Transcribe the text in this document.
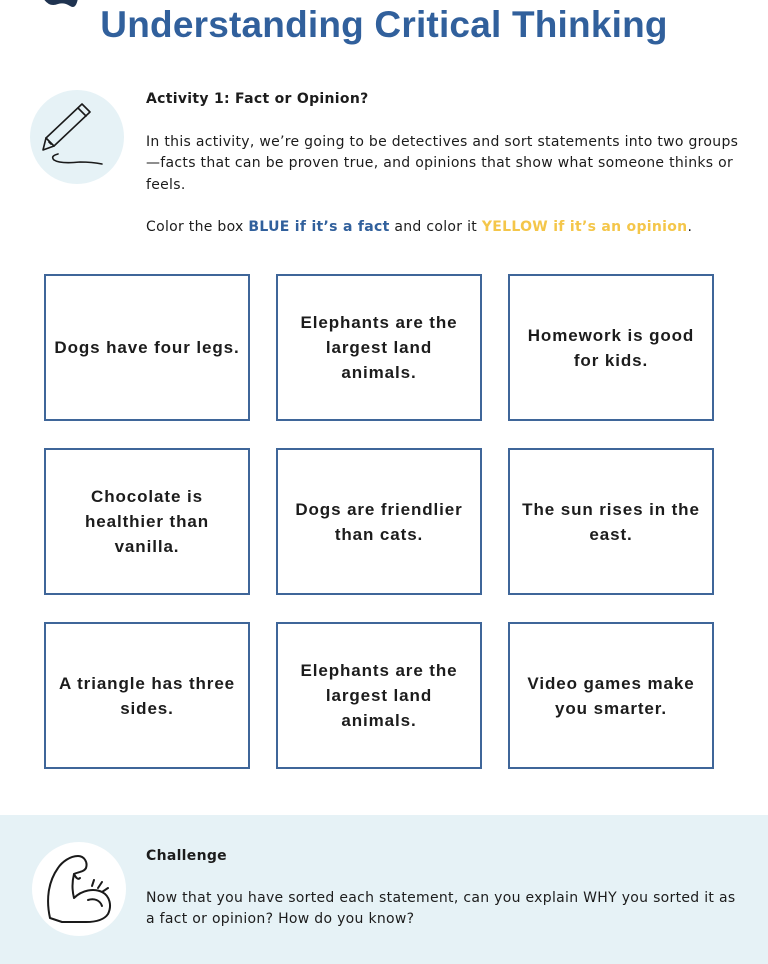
Understanding Critical Thinking

Activity 1: Fact or Opinion?

In this activity, we’re going to be detectives and sort statements into two groups—facts that can be proven true, and opinions that show what someone thinks or feels.

Color the box BLUE if it’s a fact and color it YELLOW if it’s an opinion.

Dogs have four legs.
Elephants are the largest land animals.
Homework is good for kids.
Chocolate is healthier than vanilla.
Dogs are friendlier than cats.
The sun rises in the east.
A triangle has three sides.
Elephants are the largest land animals.
Video games make you smarter.

Challenge

Now that you have sorted each statement, can you explain WHY you sorted it as a fact or opinion? How do you know?
